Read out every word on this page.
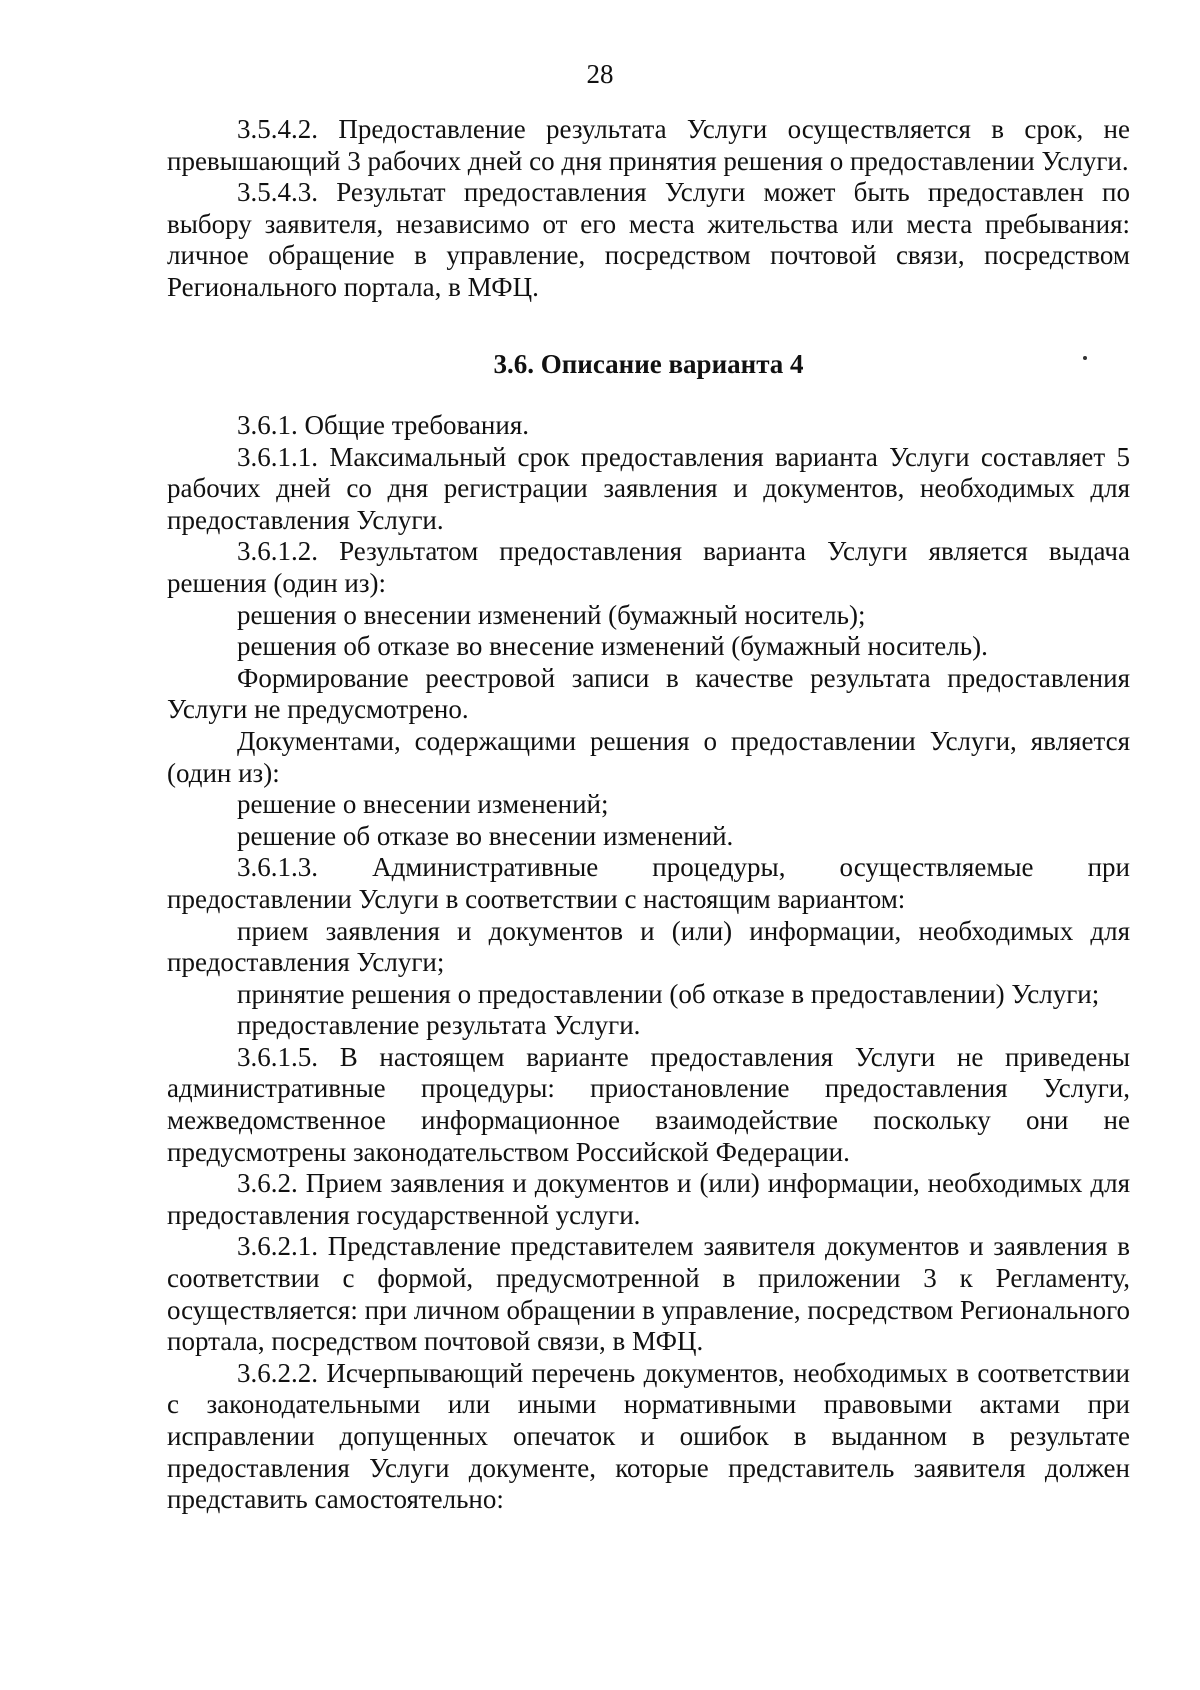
28

3.5.4.2. Предоставление результата Услуги осуществляется в срок, не превышающий 3 рабочих дней со дня принятия решения о предоставлении Услуги.

3.5.4.3. Результат предоставления Услуги может быть предоставлен по выбору заявителя, независимо от его места жительства или места пребывания: личное обращение в управление, посредством почтовой связи, посредством Регионального портала, в МФЦ.

3.6. Описание варианта 4

3.6.1. Общие требования.

3.6.1.1. Максимальный срок предоставления варианта Услуги составляет 5 рабочих дней со дня регистрации заявления и документов, необходимых для предоставления Услуги.

3.6.1.2. Результатом предоставления варианта Услуги является выдача решения (один из):

решения о внесении изменений (бумажный носитель);

решения об отказе во внесение изменений (бумажный носитель).

Формирование реестровой записи в качестве результата предоставления Услуги не предусмотрено.

Документами, содержащими решения о предоставлении Услуги, является (один из):

решение о внесении изменений;

решение об отказе во внесении изменений.

3.6.1.3. Административные процедуры, осуществляемые при предоставлении Услуги в соответствии с настоящим вариантом:

прием заявления и документов и (или) информации, необходимых для предоставления Услуги;

принятие решения о предоставлении (об отказе в предоставлении) Услуги;

предоставление результата Услуги.

3.6.1.5. В настоящем варианте предоставления Услуги не приведены административные процедуры: приостановление предоставления Услуги, межведомственное информационное взаимодействие поскольку они не предусмотрены законодательством Российской Федерации.

3.6.2. Прием заявления и документов и (или) информации, необходимых для предоставления государственной услуги.

3.6.2.1. Представление представителем заявителя документов и заявления в соответствии с формой, предусмотренной в приложении 3 к Регламенту, осуществляется: при личном обращении в управление, посредством Регионального портала, посредством почтовой связи, в МФЦ.

3.6.2.2. Исчерпывающий перечень документов, необходимых в соответствии с законодательными или иными нормативными правовыми актами при исправлении допущенных опечаток и ошибок в выданном в результате предоставления Услуги документе, которые представитель заявителя должен представить самостоятельно:
